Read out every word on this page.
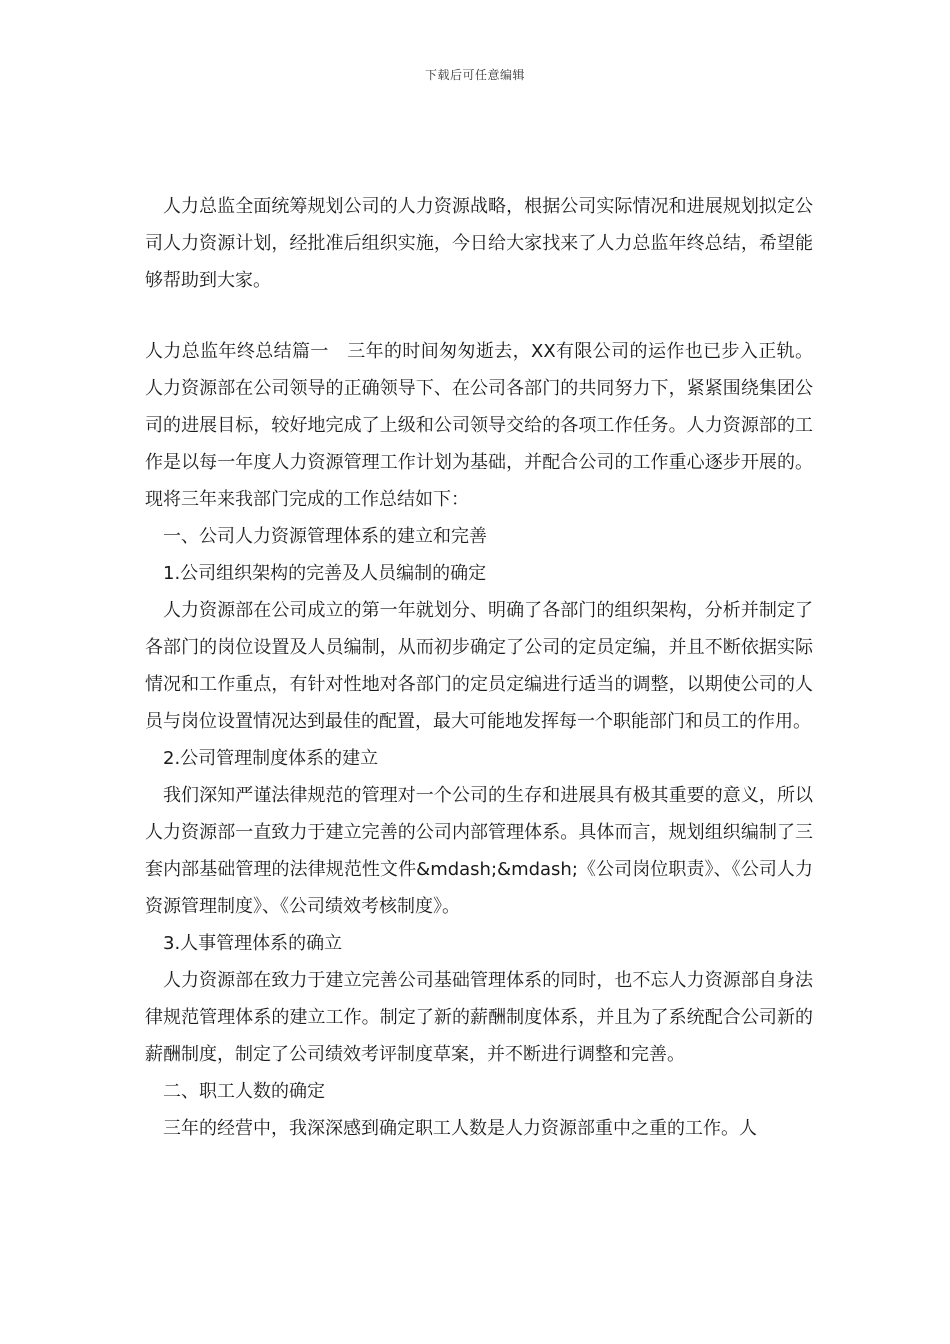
下载后可任意编辑

人力总监全面统筹规划公司的人力资源战略，根据公司实际情况和进展规划拟定公司人力资源计划，经批准后组织实施，今日给大家找来了人力总监年终总结，希望能够帮助到大家。

人力总监年终总结篇一　三年的时间匆匆逝去，XX有限公司的运作也已步入正轨。人力资源部在公司领导的正确领导下、在公司各部门的共同努力下，紧紧围绕集团公司的进展目标，较好地完成了上级和公司领导交给的各项工作任务。人力资源部的工作是以每一年度人力资源管理工作计划为基础，并配合公司的工作重心逐步开展的。现将三年来我部门完成的工作总结如下：

一、公司人力资源管理体系的建立和完善

1.公司组织架构的完善及人员编制的确定

人力资源部在公司成立的第一年就划分、明确了各部门的组织架构，分析并制定了各部门的岗位设置及人员编制，从而初步确定了公司的定员定编，并且不断依据实际情况和工作重点，有针对性地对各部门的定员定编进行适当的调整，以期使公司的人员与岗位设置情况达到最佳的配置，最大可能地发挥每一个职能部门和员工的作用。

2.公司管理制度体系的建立

我们深知严谨法律规范的管理对一个公司的生存和进展具有极其重要的意义，所以人力资源部一直致力于建立完善的公司内部管理体系。具体而言，规划组织编制了三套内部基础管理的法律规范性文件&mdash;&mdash;《公司岗位职责》、《公司人力资源管理制度》、《公司绩效考核制度》。

3.人事管理体系的确立

人力资源部在致力于建立完善公司基础管理体系的同时，也不忘人力资源部自身法律规范管理体系的建立工作。制定了新的薪酬制度体系，并且为了系统配合公司新的薪酬制度，制定了公司绩效考评制度草案，并不断进行调整和完善。

二、职工人数的确定

三年的经营中，我深深感到确定职工人数是人力资源部重中之重的工作。人
